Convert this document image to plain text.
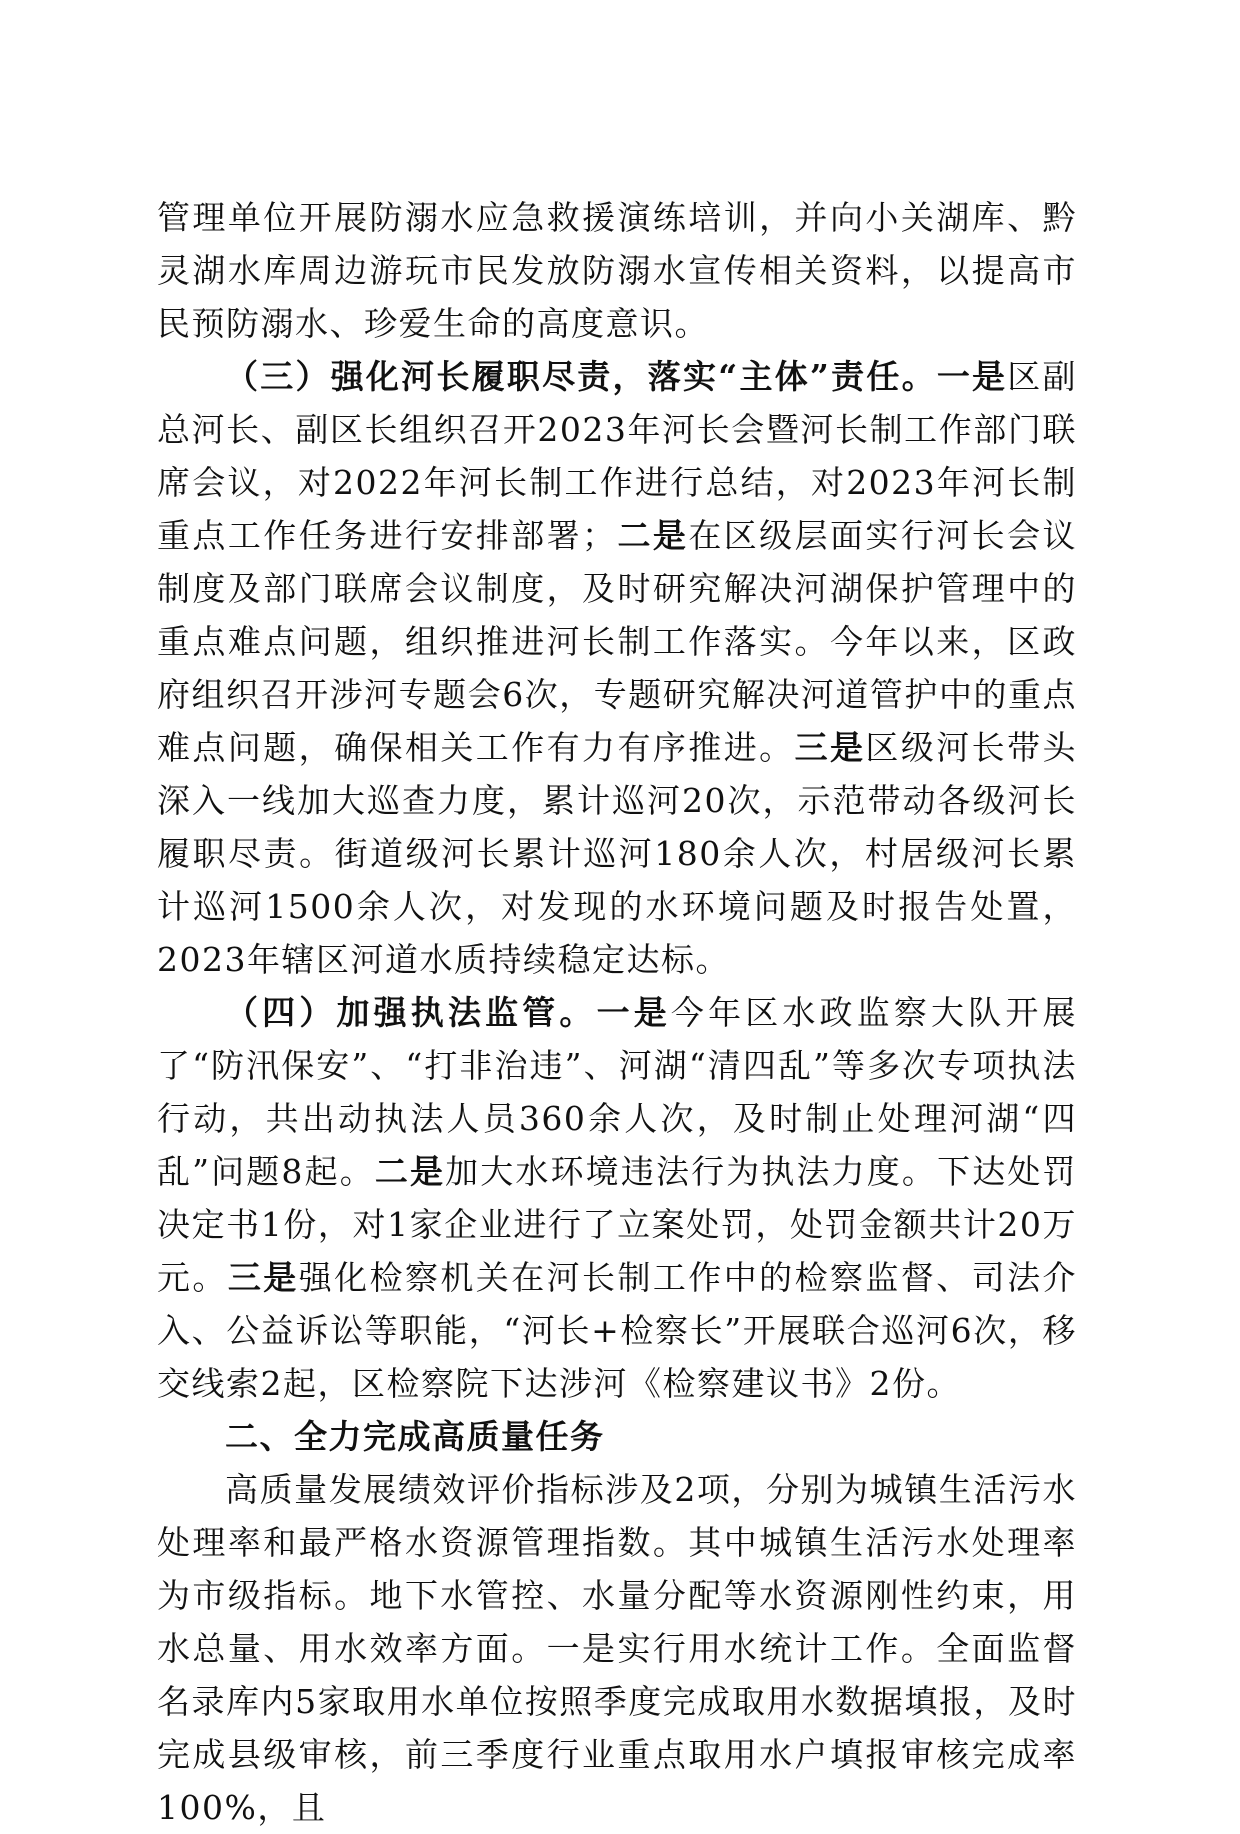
管理单位开展防溺水应急救援演练培训，并向小关湖库、黔灵湖水库周边游玩市民发放防溺水宣传相关资料，以提高市民预防溺水、珍爱生命的高度意识。

（三）强化河长履职尽责，落实“主体”责任。一是区副总河长、副区长组织召开2023年河长会暨河长制工作部门联席会议，对2022年河长制工作进行总结，对2023年河长制重点工作任务进行安排部署；二是在区级层面实行河长会议制度及部门联席会议制度，及时研究解决河湖保护管理中的重点难点问题，组织推进河长制工作落实。今年以来，区政府组织召开涉河专题会6次，专题研究解决河道管护中的重点难点问题，确保相关工作有力有序推进。三是区级河长带头深入一线加大巡查力度，累计巡河20次，示范带动各级河长履职尽责。街道级河长累计巡河180余人次，村居级河长累计巡河1500余人次，对发现的水环境问题及时报告处置，2023年辖区河道水质持续稳定达标。

（四）加强执法监管。一是今年区水政监察大队开展了“防汛保安”、“打非治违”、河湖“清四乱”等多次专项执法行动，共出动执法人员360余人次，及时制止处理河湖“四乱”问题8起。二是加大水环境违法行为执法力度。下达处罚决定书1份，对1家企业进行了立案处罚，处罚金额共计20万元。三是强化检察机关在河长制工作中的检察监督、司法介入、公益诉讼等职能，“河长+检察长”开展联合巡河6次，移交线索2起，区检察院下达涉河《检察建议书》2份。

二、全力完成高质量任务

高质量发展绩效评价指标涉及2项，分别为城镇生活污水处理率和最严格水资源管理指数。其中城镇生活污水处理率为市级指标。地下水管控、水量分配等水资源刚性约束，用水总量、用水效率方面。一是实行用水统计工作。全面监督名录库内5家取用水单位按照季度完成取用水数据填报，及时完成县级审核，前三季度行业重点取用水户填报审核完成率100%，且
